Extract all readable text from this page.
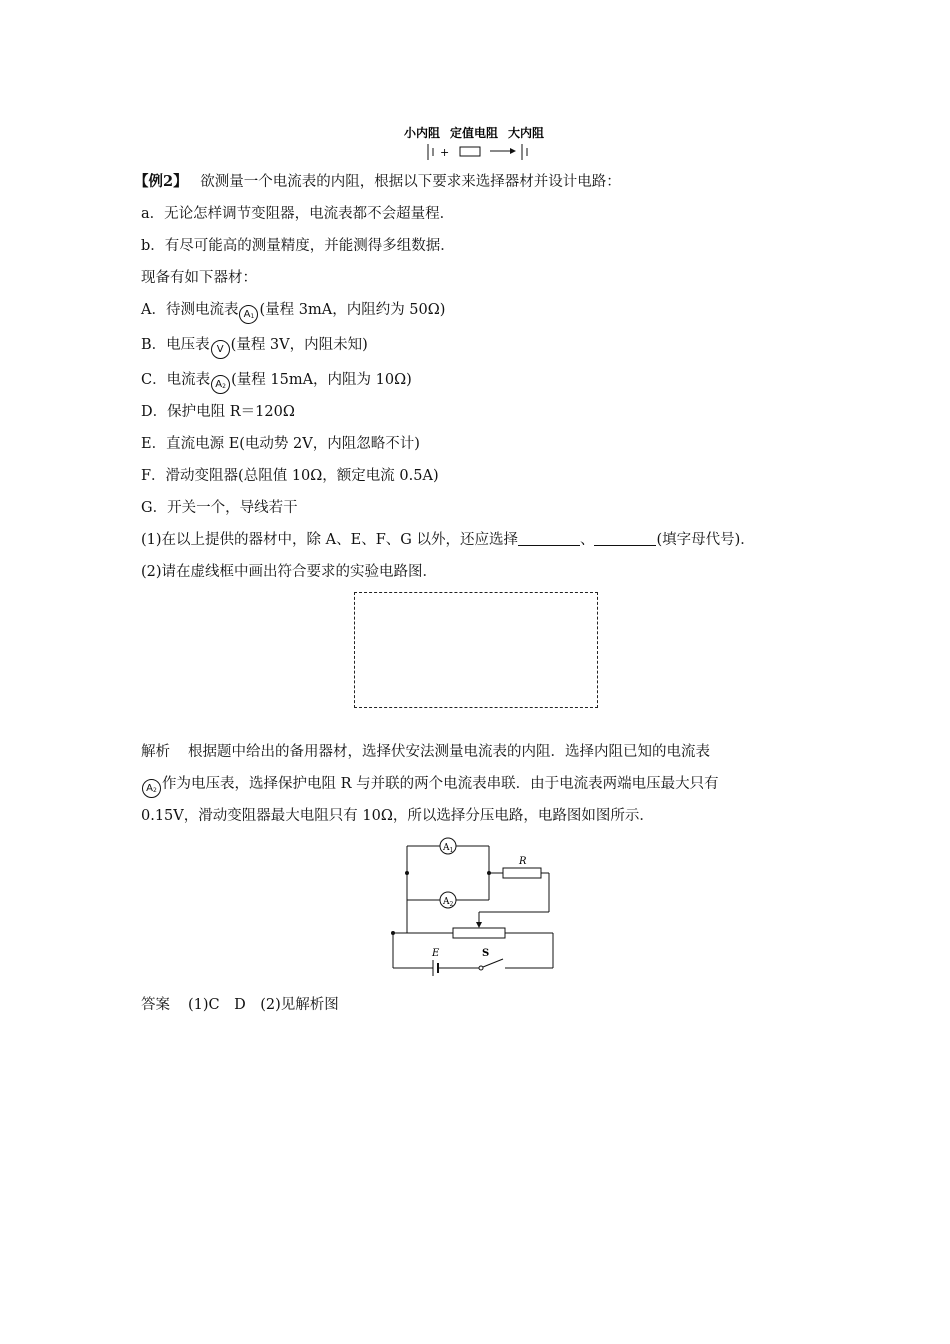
小内阻 定值电阻 大内阻
+
【例2】 欲测量一个电流表的内阻，根据以下要求来选择器材并设计电路：
a．无论怎样调节变阻器，电流表都不会超量程．
b．有尽可能高的测量精度，并能测得多组数据．
现备有如下器材：
A．待测电流表 $A_1$ (量程 3mA，内阻约为 50Ω)
B．电压表 V (量程 3V，内阻未知)
C．电流表 $A_2$ (量程 15mA，内阻为 10Ω)
D．保护电阻 R＝120Ω
E．直流电源 E(电动势 2V，内阻忽略不计)
F．滑动变阻器(总阻值 10Ω，额定电流 0.5A)
G．开关一个，导线若干
(1)在以上提供的器材中，除 A、E、F、G 以外，还应选择	、	(填字母代号)．
(2)请在虚线框中画出符合要求的实验电路图．
解析 根据题中给出的备用器材，选择伏安法测量电流表的内阻．选择内阻已知的电流表
$A_2$ 作为电压表，选择保护电阻 R 与并联的两个电流表串联．由于电流表两端电压最大只有
0.15V，滑动变阻器最大电阻只有 10Ω，所以选择分压电路，电路图如图所示．
$A_1$
$A_2$
R
E	S
答案 (1)C　D　(2)见解析图
